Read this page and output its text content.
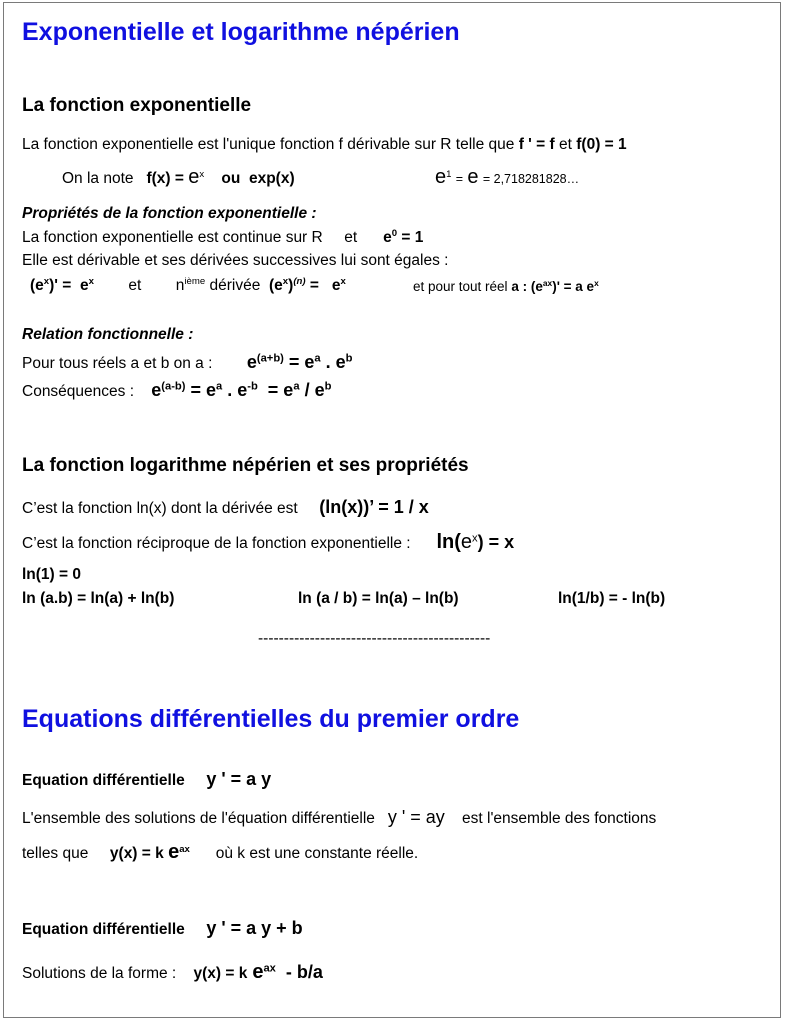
Exponentielle et logarithme népérien
La fonction exponentielle
La fonction exponentielle est l'unique fonction f dérivable sur R telle que f ' = f et f(0) = 1
On la note $f(x) = e^x$ ou exp(x)	$e^1 = e$ = 2,718281828…
Propriétés de la fonction exponentielle :
La fonction exponentielle est continue sur R et $e^0 = 1$
Elle est dérivable et ses dérivées successives lui sont égales :
$(e^x)' = e^x$ et $n^{ième}$ dérivée $(e^x)^{(n)} = e^x$	et pour tout réel a : $(e^{ax})' = a$ $e^x$
Relation fonctionnelle :
Pour tous réels a et b on a : $e^{(a+b)} = e^a$ . $e^b$
Conséquences : $e^{(a-b)} = e^a$ . $e^{-b} = e^a / e^b$
La fonction logarithme népérien et ses propriétés
C’est la fonction ln(x) dont la dérivée est (ln(x))’ = 1 / x
C’est la fonction réciproque de la fonction exponentielle : $\ln(e^x) = x$
ln(1) = 0
ln (a.b) = ln(a) + ln(b)	ln (a / b) = ln(a) – ln(b)	ln(1/b) = - ln(b)
---------------------------------------------
Equations différentielles du premier ordre
Equation différentielle y ' = a y
L'ensemble des solutions de l'équation différentielle y ' = ay est l'ensemble des fonctions
telles que y(x) = k $e^{ax}$ où k est une constante réelle.
Equation différentielle y ' = a y + b
Solutions de la forme : y(x) = k $e^{ax} - b/a$
